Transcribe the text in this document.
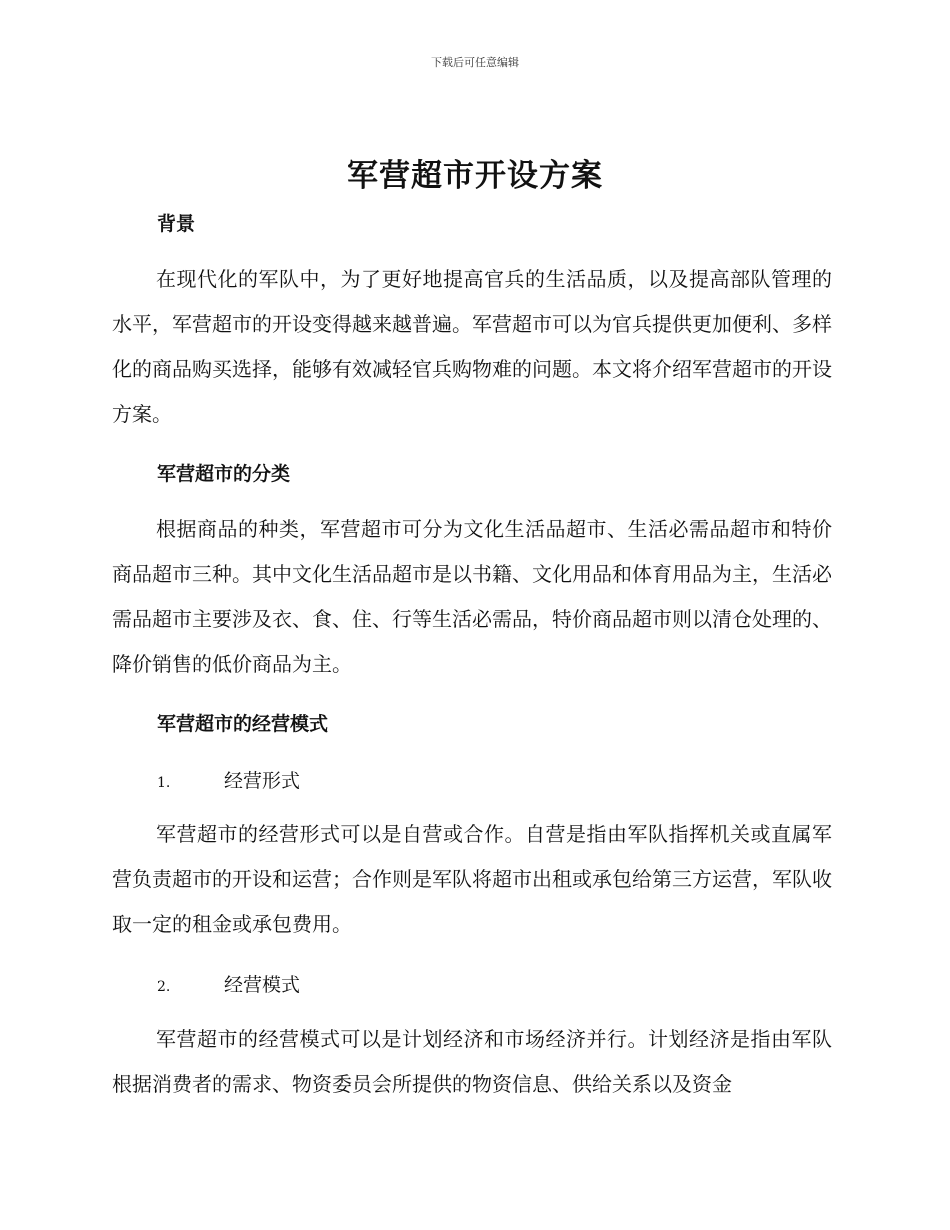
下载后可任意编辑
军营超市开设方案
背景

在现代化的军队中，为了更好地提高官兵的生活品质，以及提高部队管理的水平，军营超市的开设变得越来越普遍。军营超市可以为官兵提供更加便利、多样化的商品购买选择，能够有效减轻官兵购物难的问题。本文将介绍军营超市的开设方案。

军营超市的分类

根据商品的种类，军营超市可分为文化生活品超市、生活必需品超市和特价商品超市三种。其中文化生活品超市是以书籍、文化用品和体育用品为主，生活必需品超市主要涉及衣、食、住、行等生活必需品，特价商品超市则以清仓处理的、降价销售的低价商品为主。

军营超市的经营模式
1.	经营形式

军营超市的经营形式可以是自营或合作。自营是指由军队指挥机关或直属军营负责超市的开设和运营；合作则是军队将超市出租或承包给第三方运营，军队收取一定的租金或承包费用。

2.	经营模式

军营超市的经营模式可以是计划经济和市场经济并行。计划经济是指由军队根据消费者的需求、物资委员会所提供的物资信息、供给关系以及资金
